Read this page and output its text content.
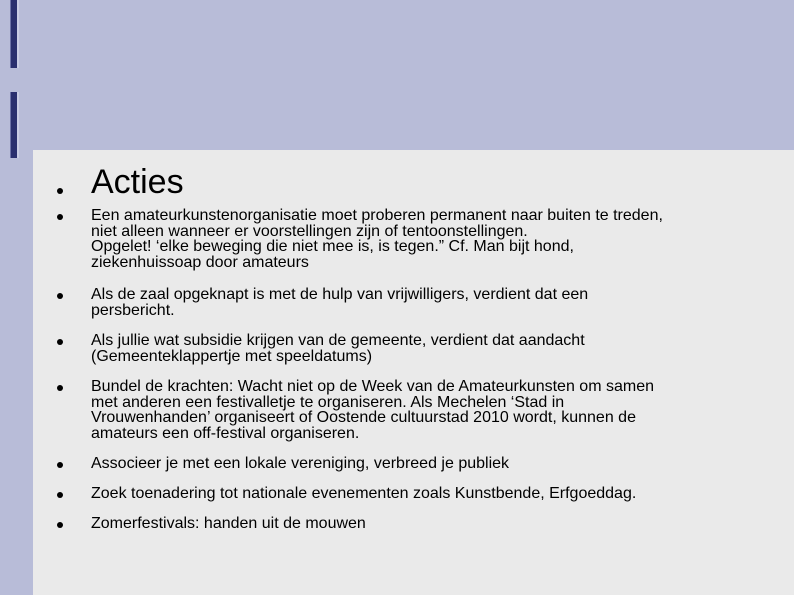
Acties
Een amateurkunstenorganisatie moet proberen permanent naar buiten te treden,
niet alleen wanneer er voorstellingen zijn of tentoonstellingen.
Opgelet! ‘elke beweging die niet mee is, is tegen.” Cf. Man bijt hond,
ziekenhuissoap door amateurs
Als de zaal opgeknapt is met de hulp van vrijwilligers, verdient dat een
persbericht.
Als jullie wat subsidie krijgen van de gemeente, verdient dat aandacht
(Gemeenteklappertje met speeldatums)
Bundel de krachten: Wacht niet op de Week van de Amateurkunsten om samen
met anderen een festivalletje te organiseren. Als Mechelen ‘Stad in
Vrouwenhanden’ organiseert of Oostende cultuurstad 2010 wordt, kunnen de
amateurs een off-festival organiseren.
Associeer je met een lokale vereniging, verbreed je publiek
Zoek toenadering tot nationale evenementen zoals Kunstbende, Erfgoeddag.
Zomerfestivals: handen uit de mouwen
